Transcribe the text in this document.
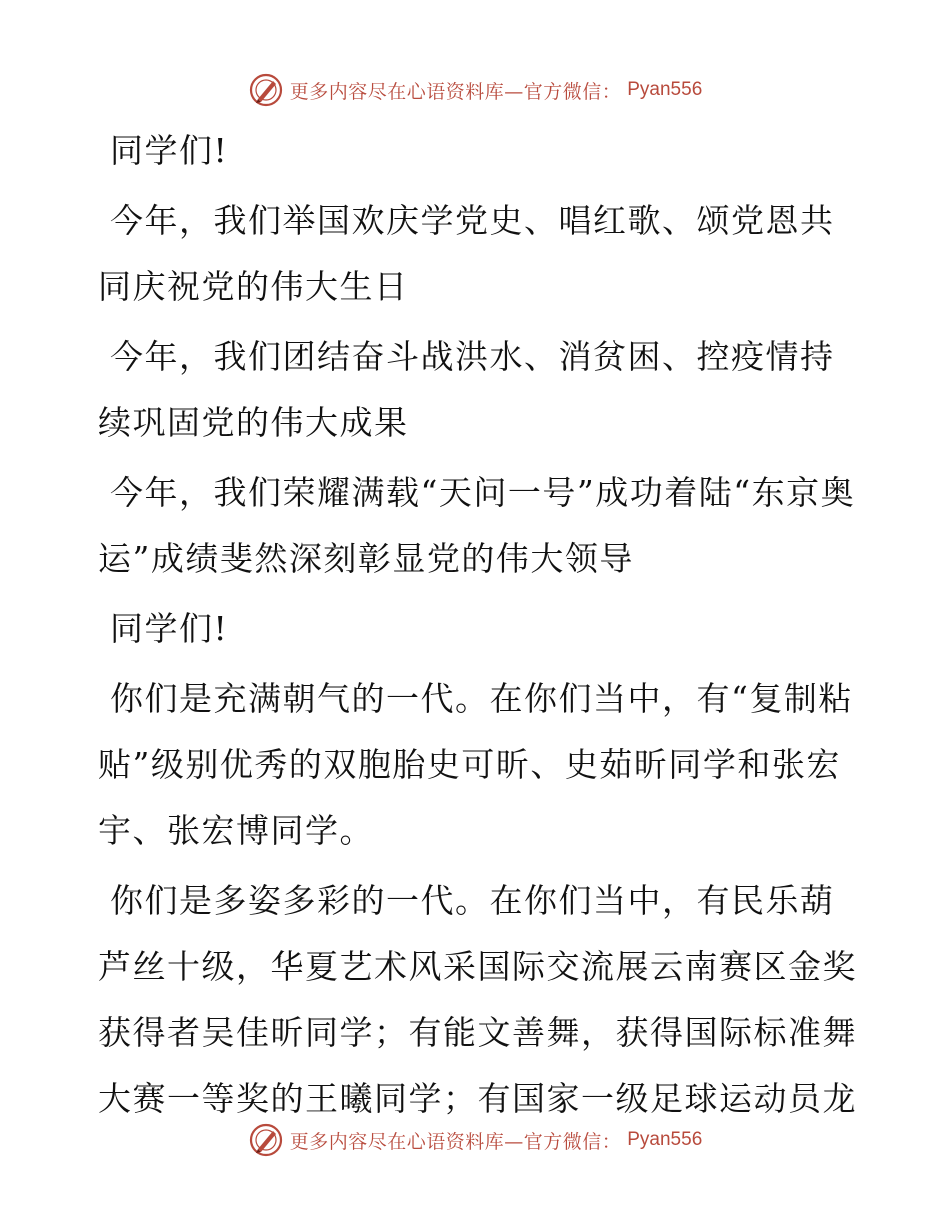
更多内容尽在心语资料库—官方微信： Pyan556

同学们!

今年，我们举国欢庆学党史、唱红歌、颂党恩共同庆祝党的伟大生日

今年，我们团结奋斗战洪水、消贫困、控疫情持续巩固党的伟大成果

今年，我们荣耀满载“天问一号”成功着陆“东京奥运”成绩斐然深刻彰显党的伟大领导

同学们!

你们是充满朝气的一代。在你们当中，有“复制粘贴”级别优秀的双胞胎史可昕、史茹昕同学和张宏宇、张宏博同学。

你们是多姿多彩的一代。在你们当中，有民乐葫芦丝十级，华夏艺术风采国际交流展云南赛区金奖获得者吴佳昕同学；有能文善舞，获得国际标准舞大赛一等奖的王曦同学；有国家一级足球运动员龙

更多内容尽在心语资料库—官方微信： Pyan556
